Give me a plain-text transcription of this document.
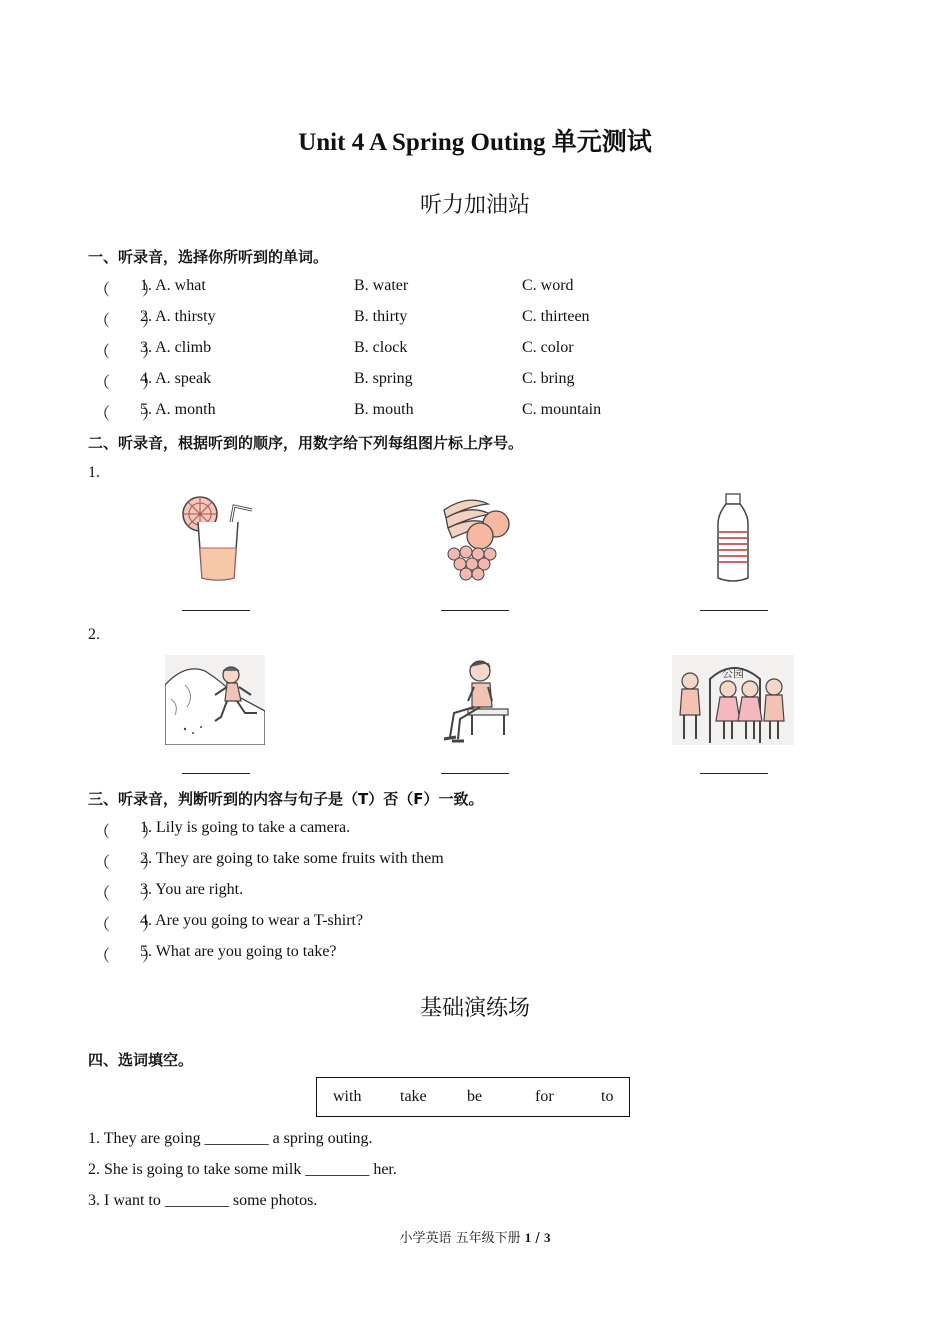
Unit 4 A Spring Outing 单元测试
听力加油站
一、听录音，选择你所听到的单词。
（　　）
1. A. what	B. water	C. word
（　　）
2. A. thirsty	B. thirty	C. thirteen
（　　）
3. A. climb	B. clock	C. color
（　　）
4. A. speak	B. spring	C. bring
（　　）
5. A. month	B. mouth	C. mountain
二、听录音，根据听到的顺序，用数字给下列每组图片标上序号。
1.
2.
公园
三、听录音，判断听到的内容与句子是（T）否（F）一致。
（　　）
1. Lily is going to take a camera.
（　　）
2. They are going to take some fruits with them
（　　）
3. You are right.
（　　）
4. Are you going to wear a T-shirt?
（　　）
5. What are you going to take?
基础演练场
四、选词填空。
with take	be	for	to
1. They are going ________ a spring outing.
2. She is going to take some milk ________ her.
3. I want to ________ some photos.
小学英语 五年级下册 1 / 3
